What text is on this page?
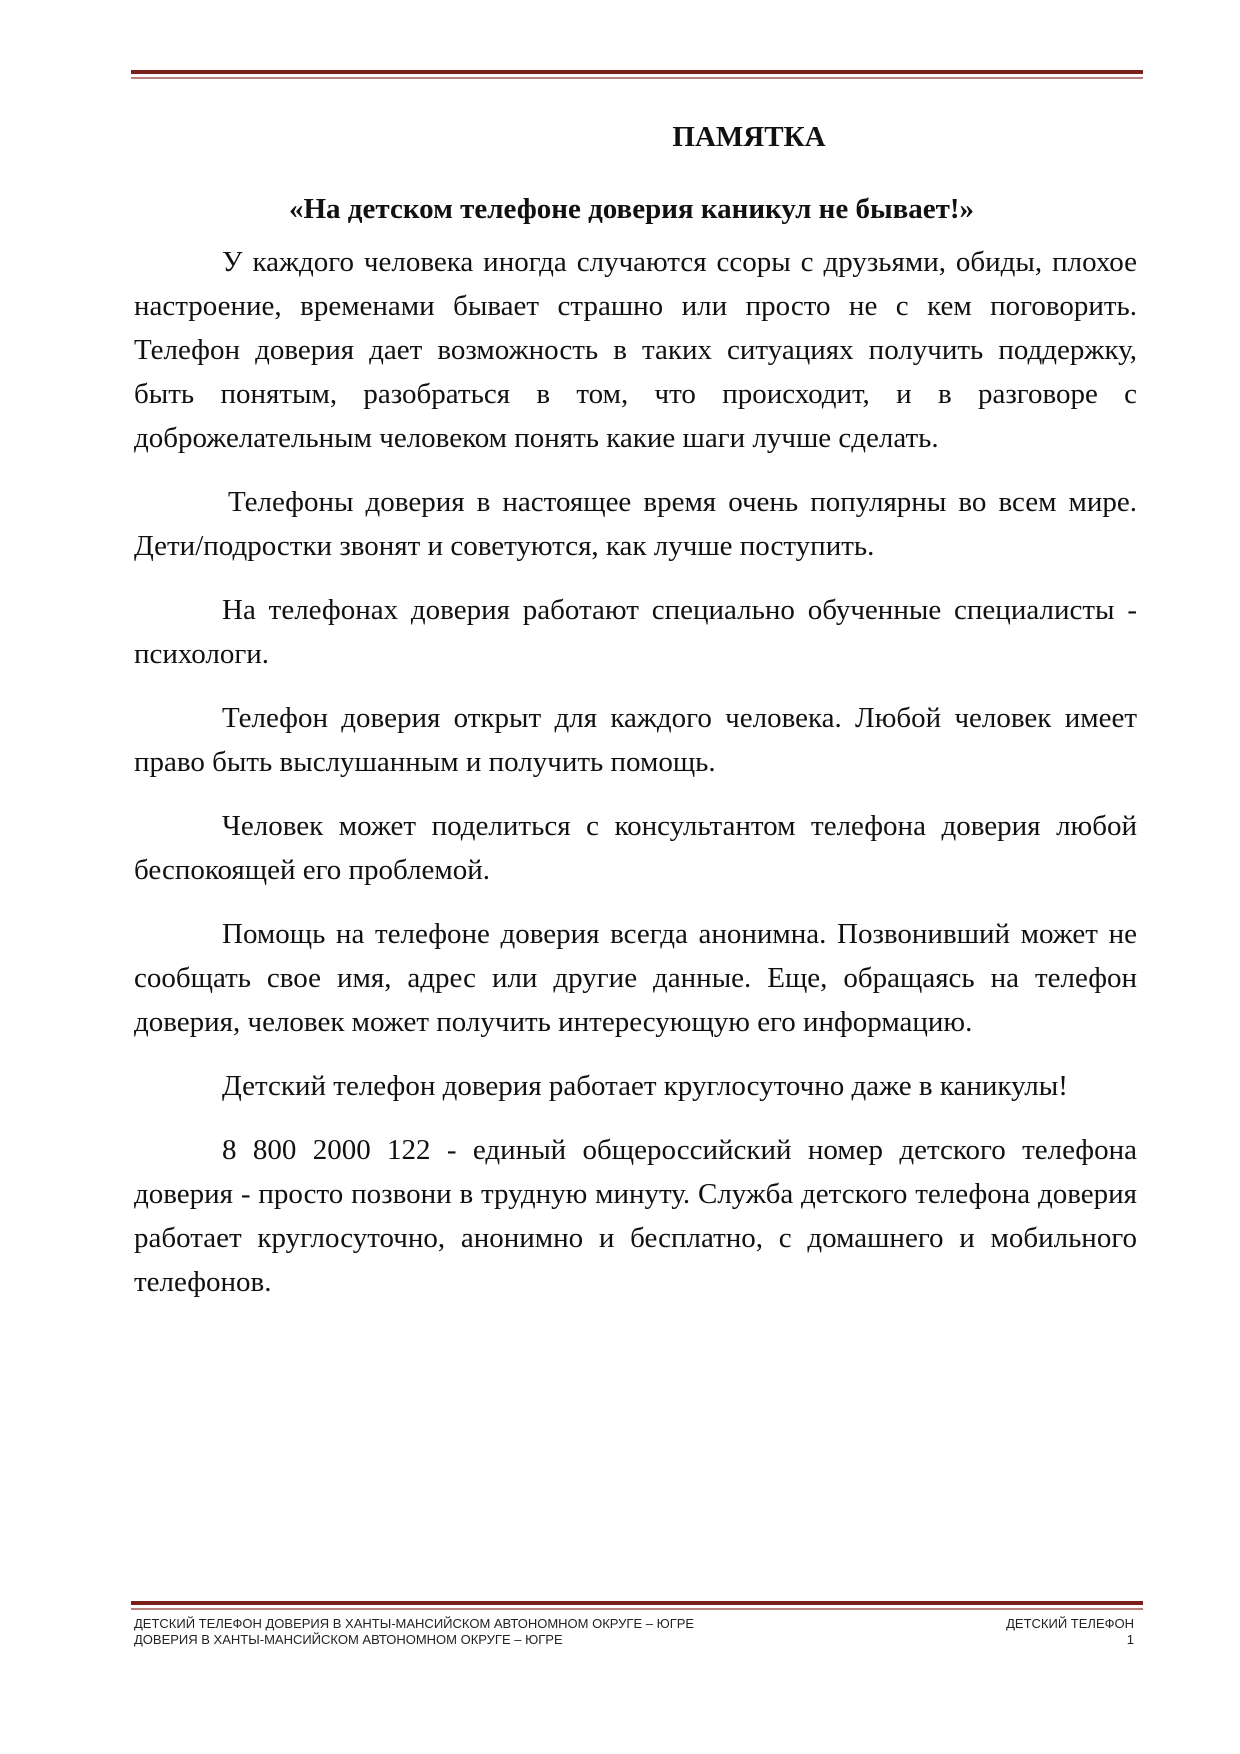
ПАМЯТКА
«На детском телефоне доверия каникул не бывает!»

У каждого человека иногда случаются ссоры с друзьями, обиды, плохое настроение, временами бывает страшно или просто не с кем поговорить. Телефон доверия дает возможность в таких ситуациях получить поддержку, быть понятым, разобраться в том, что происходит, и в разговоре с доброжелательным человеком понять какие шаги лучше сделать.

Телефоны доверия в настоящее время очень популярны во всем мире. Дети/подростки звонят и советуются, как лучше поступить.

На телефонах доверия работают специально обученные специалисты - психологи.

Телефон доверия открыт для каждого человека. Любой человек имеет право быть выслушанным и получить помощь.

Человек может поделиться с консультантом телефона доверия любой беспокоящей его проблемой.

Помощь на телефоне доверия всегда анонимна. Позвонивший может не сообщать свое имя, адрес или другие данные. Еще, обращаясь на телефон доверия, человек может получить интересующую его информацию.

Детский телефон доверия работает круглосуточно даже в каникулы!

8 800 2000 122 - единый общероссийский номер детского телефона доверия - просто позвони в трудную минуту. Служба детского телефона доверия работает круглосуточно, анонимно и бесплатно, с домашнего и мобильного телефонов.

ДЕТСКИЙ ТЕЛЕФОН ДОВЕРИЯ В ХАНТЫ-МАНСИЙСКОМ АВТОНОМНОМ ОКРУГЕ – ЮГРЕ	ДЕТСКИЙ ТЕЛЕФОН
ДОВЕРИЯ В ХАНТЫ-МАНСИЙСКОМ АВТОНОМНОМ ОКРУГЕ – ЮГРЕ	1
